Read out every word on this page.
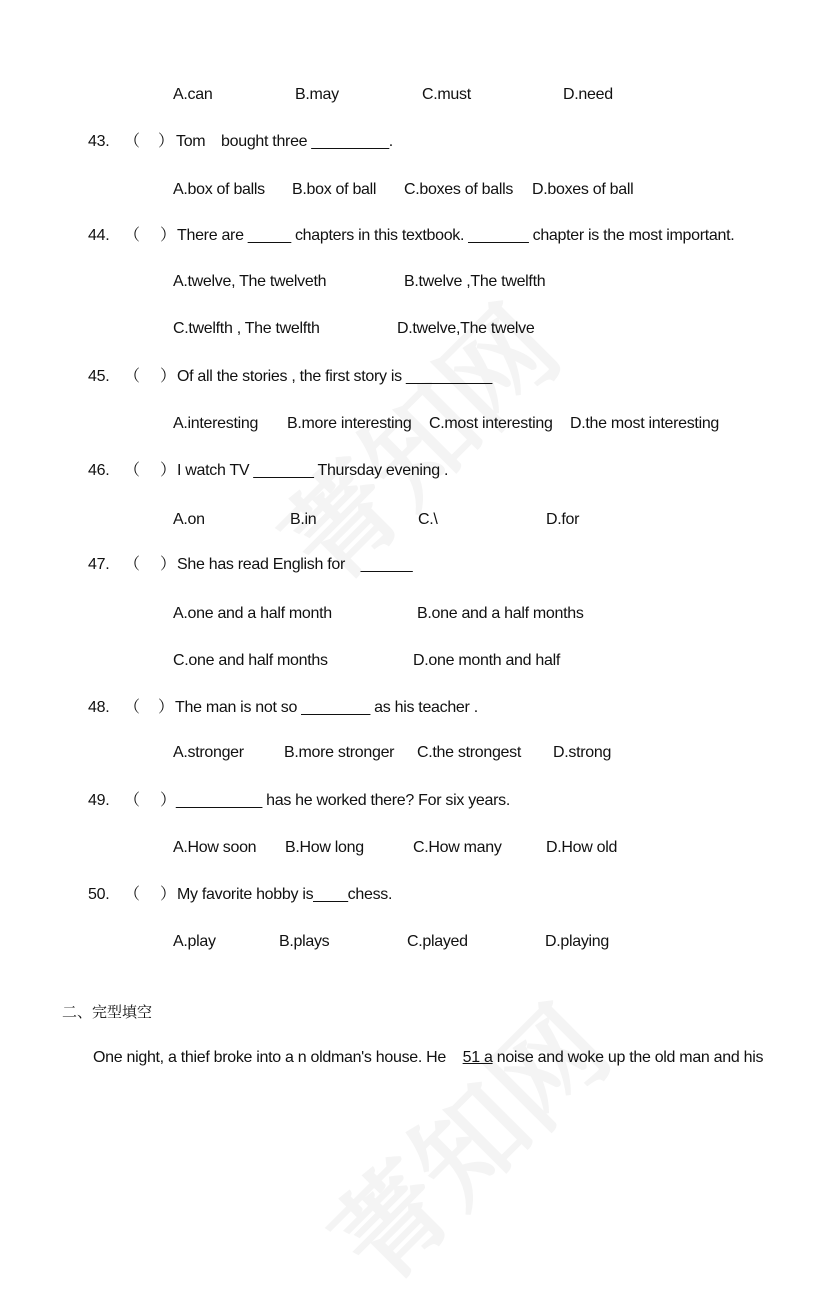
A.can	B.may	C.must	D.need
43. （ ） Tom　bought three _________.
A.box of balls B.box of ball C.boxes of balls D.boxes of ball
44. （ ） There are _____ chapters in this textbook. _______ chapter is the most important.
A.twelve, The twelveth	B.twelve ,The twelfth
C.twelfth , The twelfth	D.twelve,The twelve
45. （ ） Of all the stories , the first story is __________
A.interesting B.more interesting C.most interesting D.the most interesting
46. （ ） I watch TV _______ Thursday evening .
A.on	B.in	C.\	D.for
47. （ ） She has read English for　______
A.one and a half month	B.one and a half months
C.one and half months	D.one month and half
48. （ ） The man is not so ________ as his teacher .
A.stronger	B.more stronger C.the strongest D.strong
49. （ ） __________ has he worked there? For six years.
A.How soon B.How long	C.How many	D.How old
50. （ ） My favorite hobby is____chess.
A.play	B.plays	C.played	D.playing
二、完型填空
One night, a thief broke into a n oldman's house. He 51 a noise and woke up the old man and his
